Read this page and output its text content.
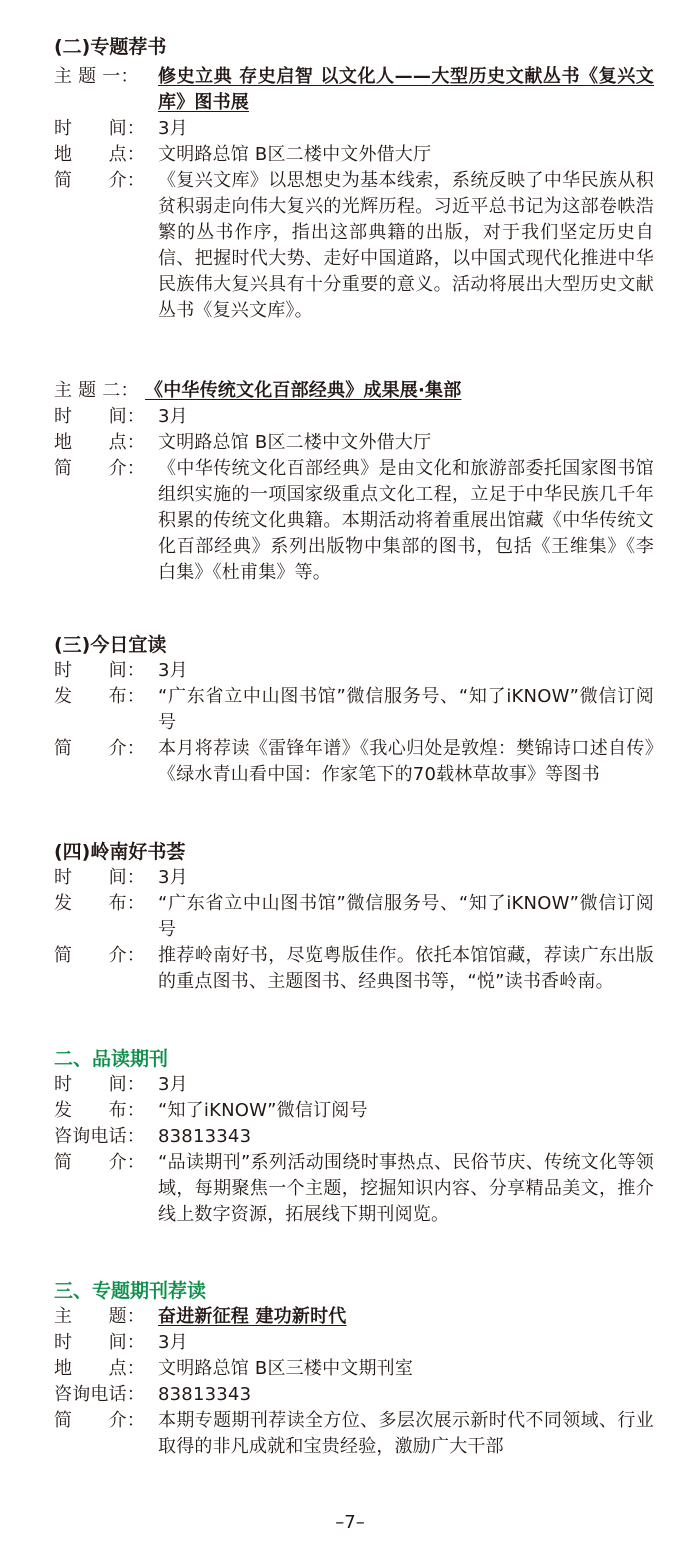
(二)专题荐书
主 题 一：	修史立典 存史启智 以文化人——大型历史文献丛书《复兴文库》图书展
时　　间： 3月
地　　点： 文明路总馆 B区二楼中文外借大厅
简　　介： 《复兴文库》以思想史为基本线索，系统反映了中华民族从积贫积弱走向伟大复兴的光辉历程。习近平总书记为这部卷帙浩繁的丛书作序，指出这部典籍的出版，对于我们坚定历史自信、把握时代大势、走好中国道路，以中国式现代化推进中华民族伟大复兴具有十分重要的意义。活动将展出大型历史文献丛书《复兴文库》。
主 题 二： 《中华传统文化百部经典》成果展·集部
时　　间： 3月
地　　点： 文明路总馆 B区二楼中文外借大厅
简　　介： 《中华传统文化百部经典》是由文化和旅游部委托国家图书馆组织实施的一项国家级重点文化工程，立足于中华民族几千年积累的传统文化典籍。本期活动将着重展出馆藏《中华传统文化百部经典》系列出版物中集部的图书，包括《王维集》《李白集》《杜甫集》等。
(三)今日宜读
时　　间： 3月
发　　布： “广东省立中山图书馆”微信服务号、“知了iKNOW”微信订阅号
简　　介： 本月将荐读《雷锋年谱》《我心归处是敦煌：樊锦诗口述自传》《绿水青山看中国：作家笔下的70载林草故事》等图书
(四)岭南好书荟
时　　间： 3月
发　　布： “广东省立中山图书馆”微信服务号、“知了iKNOW”微信订阅号
简　　介： 推荐岭南好书，尽览粤版佳作。依托本馆馆藏，荐读广东出版的重点图书、主题图书、经典图书等，“悦”读书香岭南。
二、品读期刊
时　　间： 3月
发　　布： “知了iKNOW”微信订阅号
咨询电话： 83813343
简　　介： “品读期刊”系列活动围绕时事热点、民俗节庆、传统文化等领域，每期聚焦一个主题，挖掘知识内容、分享精品美文，推介线上数字资源，拓展线下期刊阅览。
三、专题期刊荐读
主　　题： 奋进新征程 建功新时代
时　　间： 3月
地　　点： 文明路总馆 B区三楼中文期刊室
咨询电话： 83813343
简　　介： 本期专题期刊荐读全方位、多层次展示新时代不同领域、行业取得的非凡成就和宝贵经验，激励广大干部
–7–
